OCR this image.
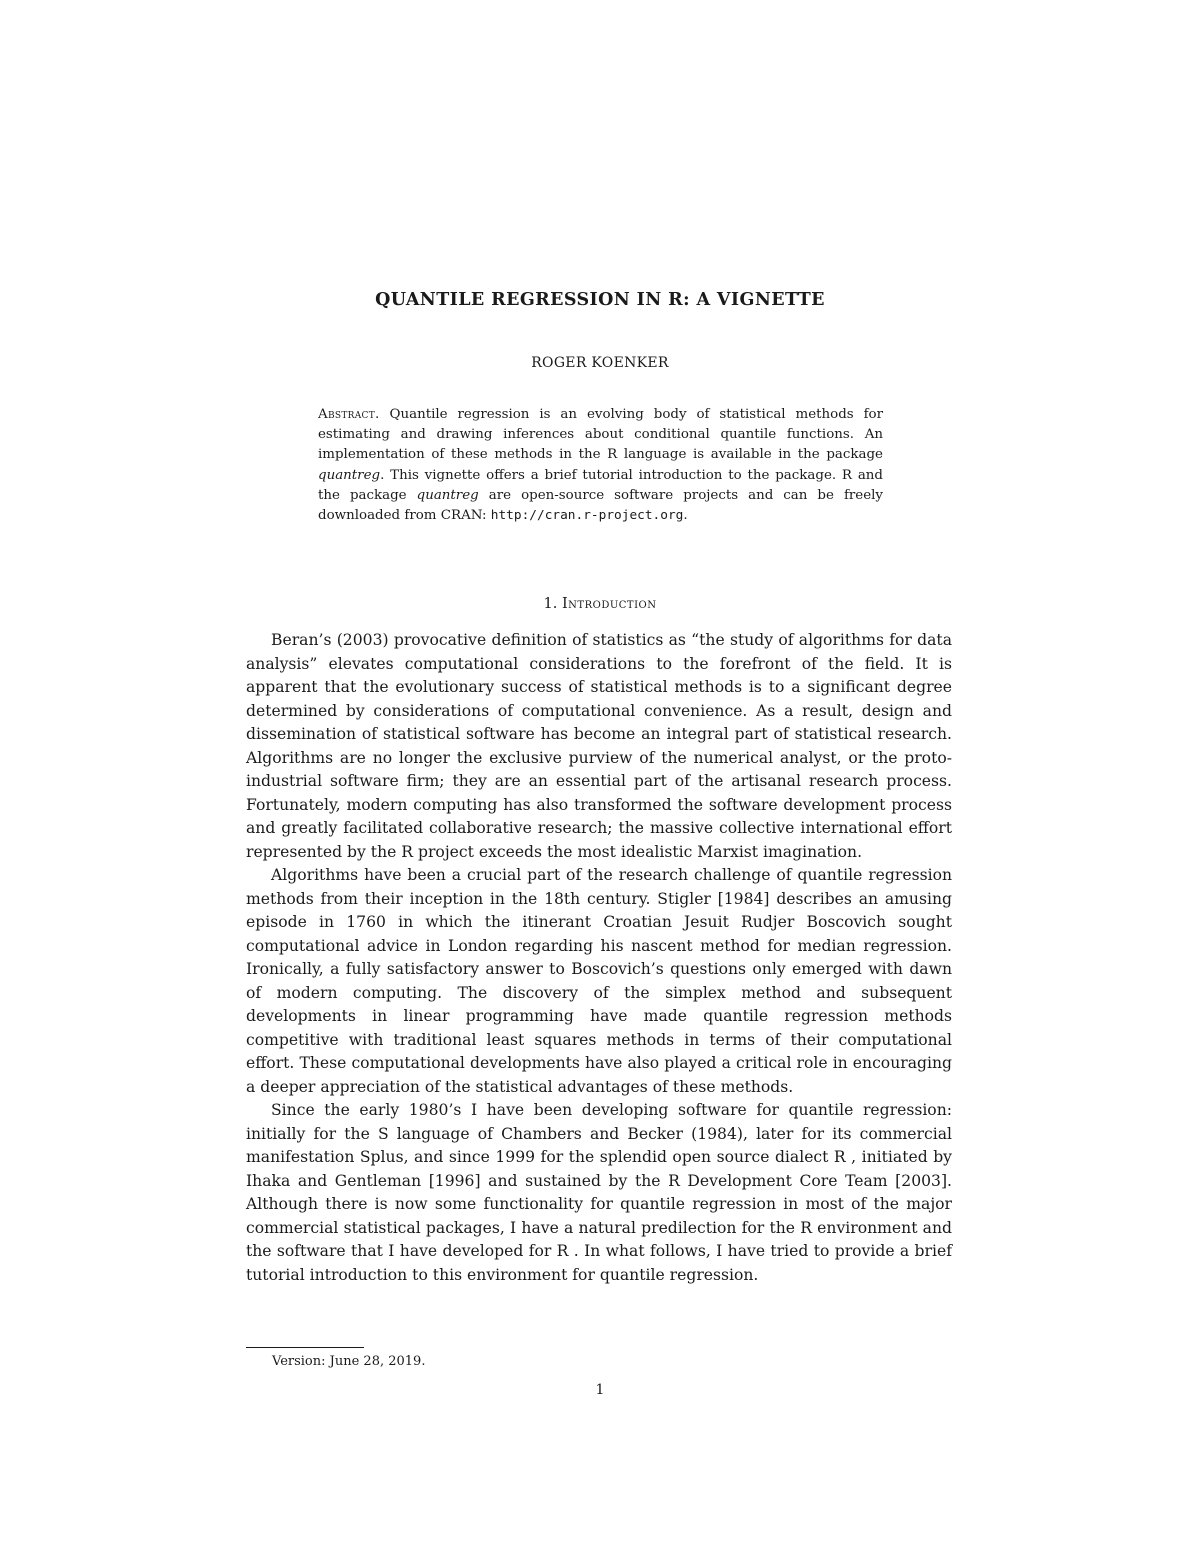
QUANTILE REGRESSION IN R: A VIGNETTE
ROGER KOENKER
Abstract. Quantile regression is an evolving body of statistical methods for estimating and drawing inferences about conditional quantile functions. An implementation of these methods in the R language is available in the package quantreg. This vignette offers a brief tutorial introduction to the package. R and the package quantreg are open-source software projects and can be freely downloaded from CRAN: http://cran.r-project.org.
1. Introduction

Beran’s (2003) provocative definition of statistics as “the study of algorithms for data analysis” elevates computational considerations to the forefront of the field. It is apparent that the evolutionary success of statistical methods is to a significant degree determined by considerations of computational convenience. As a result, design and dissemination of statistical software has become an integral part of statistical research. Algorithms are no longer the exclusive purview of the numerical analyst, or the proto-industrial software firm; they are an essential part of the artisanal research process. Fortunately, modern computing has also transformed the software development process and greatly facilitated collaborative research; the massive collective international effort represented by the R project exceeds the most idealistic Marxist imagination.

Algorithms have been a crucial part of the research challenge of quantile regression methods from their inception in the 18th century. Stigler [1984] describes an amusing episode in 1760 in which the itinerant Croatian Jesuit Rudjer Boscovich sought computational advice in London regarding his nascent method for median regression. Ironically, a fully satisfactory answer to Boscovich’s questions only emerged with dawn of modern computing. The discovery of the simplex method and subsequent developments in linear programming have made quantile regression methods competitive with traditional least squares methods in terms of their computational effort. These computational developments have also played a critical role in encouraging a deeper appreciation of the statistical advantages of these methods.

Since the early 1980’s I have been developing software for quantile regression: initially for the S language of Chambers and Becker (1984), later for its commercial manifestation Splus, and since 1999 for the splendid open source dialect R , initiated by Ihaka and Gentleman [1996] and sustained by the R Development Core Team [2003]. Although there is now some functionality for quantile regression in most of the major commercial statistical packages, I have a natural predilection for the R environment and the software that I have developed for R . In what follows, I have tried to provide a brief tutorial introduction to this environment for quantile regression.

Version: June 28, 2019.
1
